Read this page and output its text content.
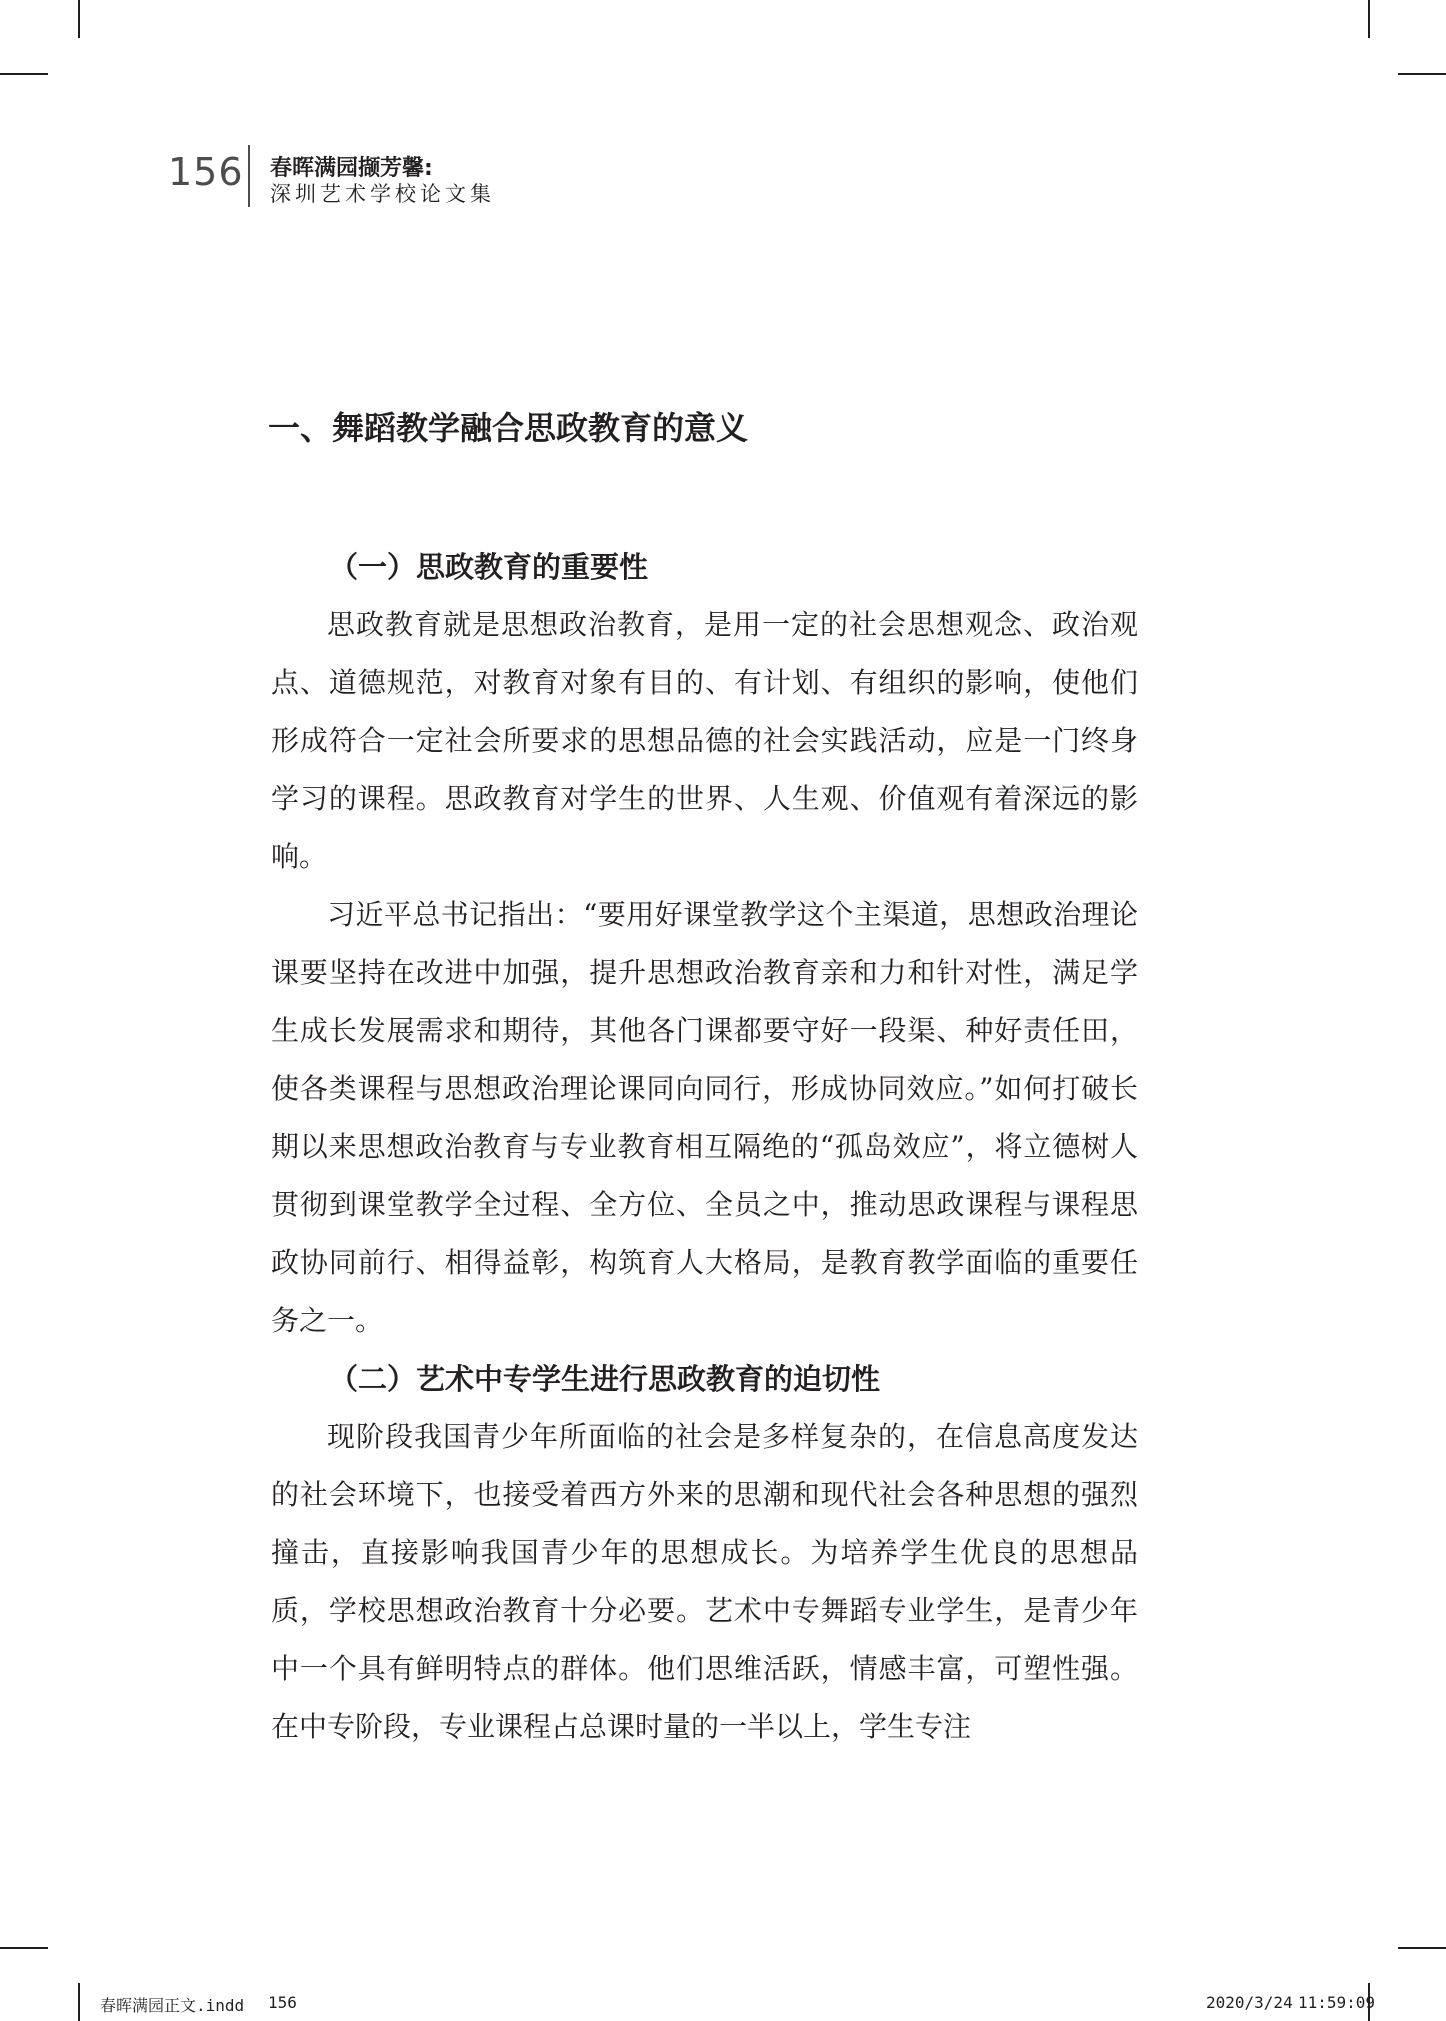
156 春晖满园撷芳馨:
深圳艺术学校论文集
一、舞蹈教学融合思政教育的意义
（一）思政教育的重要性

思政教育就是思想政治教育，是用一定的社会思想观念、政治观点、道德规范，对教育对象有目的、有计划、有组织的影响，使他们形成符合一定社会所要求的思想品德的社会实践活动，应是一门终身学习的课程。思政教育对学生的世界、人生观、价值观有着深远的影响。

习近平总书记指出：“要用好课堂教学这个主渠道，思想政治理论课要坚持在改进中加强，提升思想政治教育亲和力和针对性，满足学生成长发展需求和期待，其他各门课都要守好一段渠、种好责任田，使各类课程与思想政治理论课同向同行，形成协同效应。”如何打破长期以来思想政治教育与专业教育相互隔绝的“孤岛效应”，将立德树人贯彻到课堂教学全过程、全方位、全员之中，推动思政课程与课程思政协同前行、相得益彰，构筑育人大格局，是教育教学面临的重要任务之一。

（二）艺术中专学生进行思政教育的迫切性

现阶段我国青少年所面临的社会是多样复杂的，在信息高度发达的社会环境下，也接受着西方外来的思潮和现代社会各种思想的强烈撞击，直接影响我国青少年的思想成长。为培养学生优良的思想品质，学校思想政治教育十分必要。艺术中专舞蹈专业学生，是青少年中一个具有鲜明特点的群体。他们思维活跃，情感丰富，可塑性强。在中专阶段，专业课程占总课时量的一半以上，学生专注

春晖满园正文.indd 156	2020/3/24 11:59:09
